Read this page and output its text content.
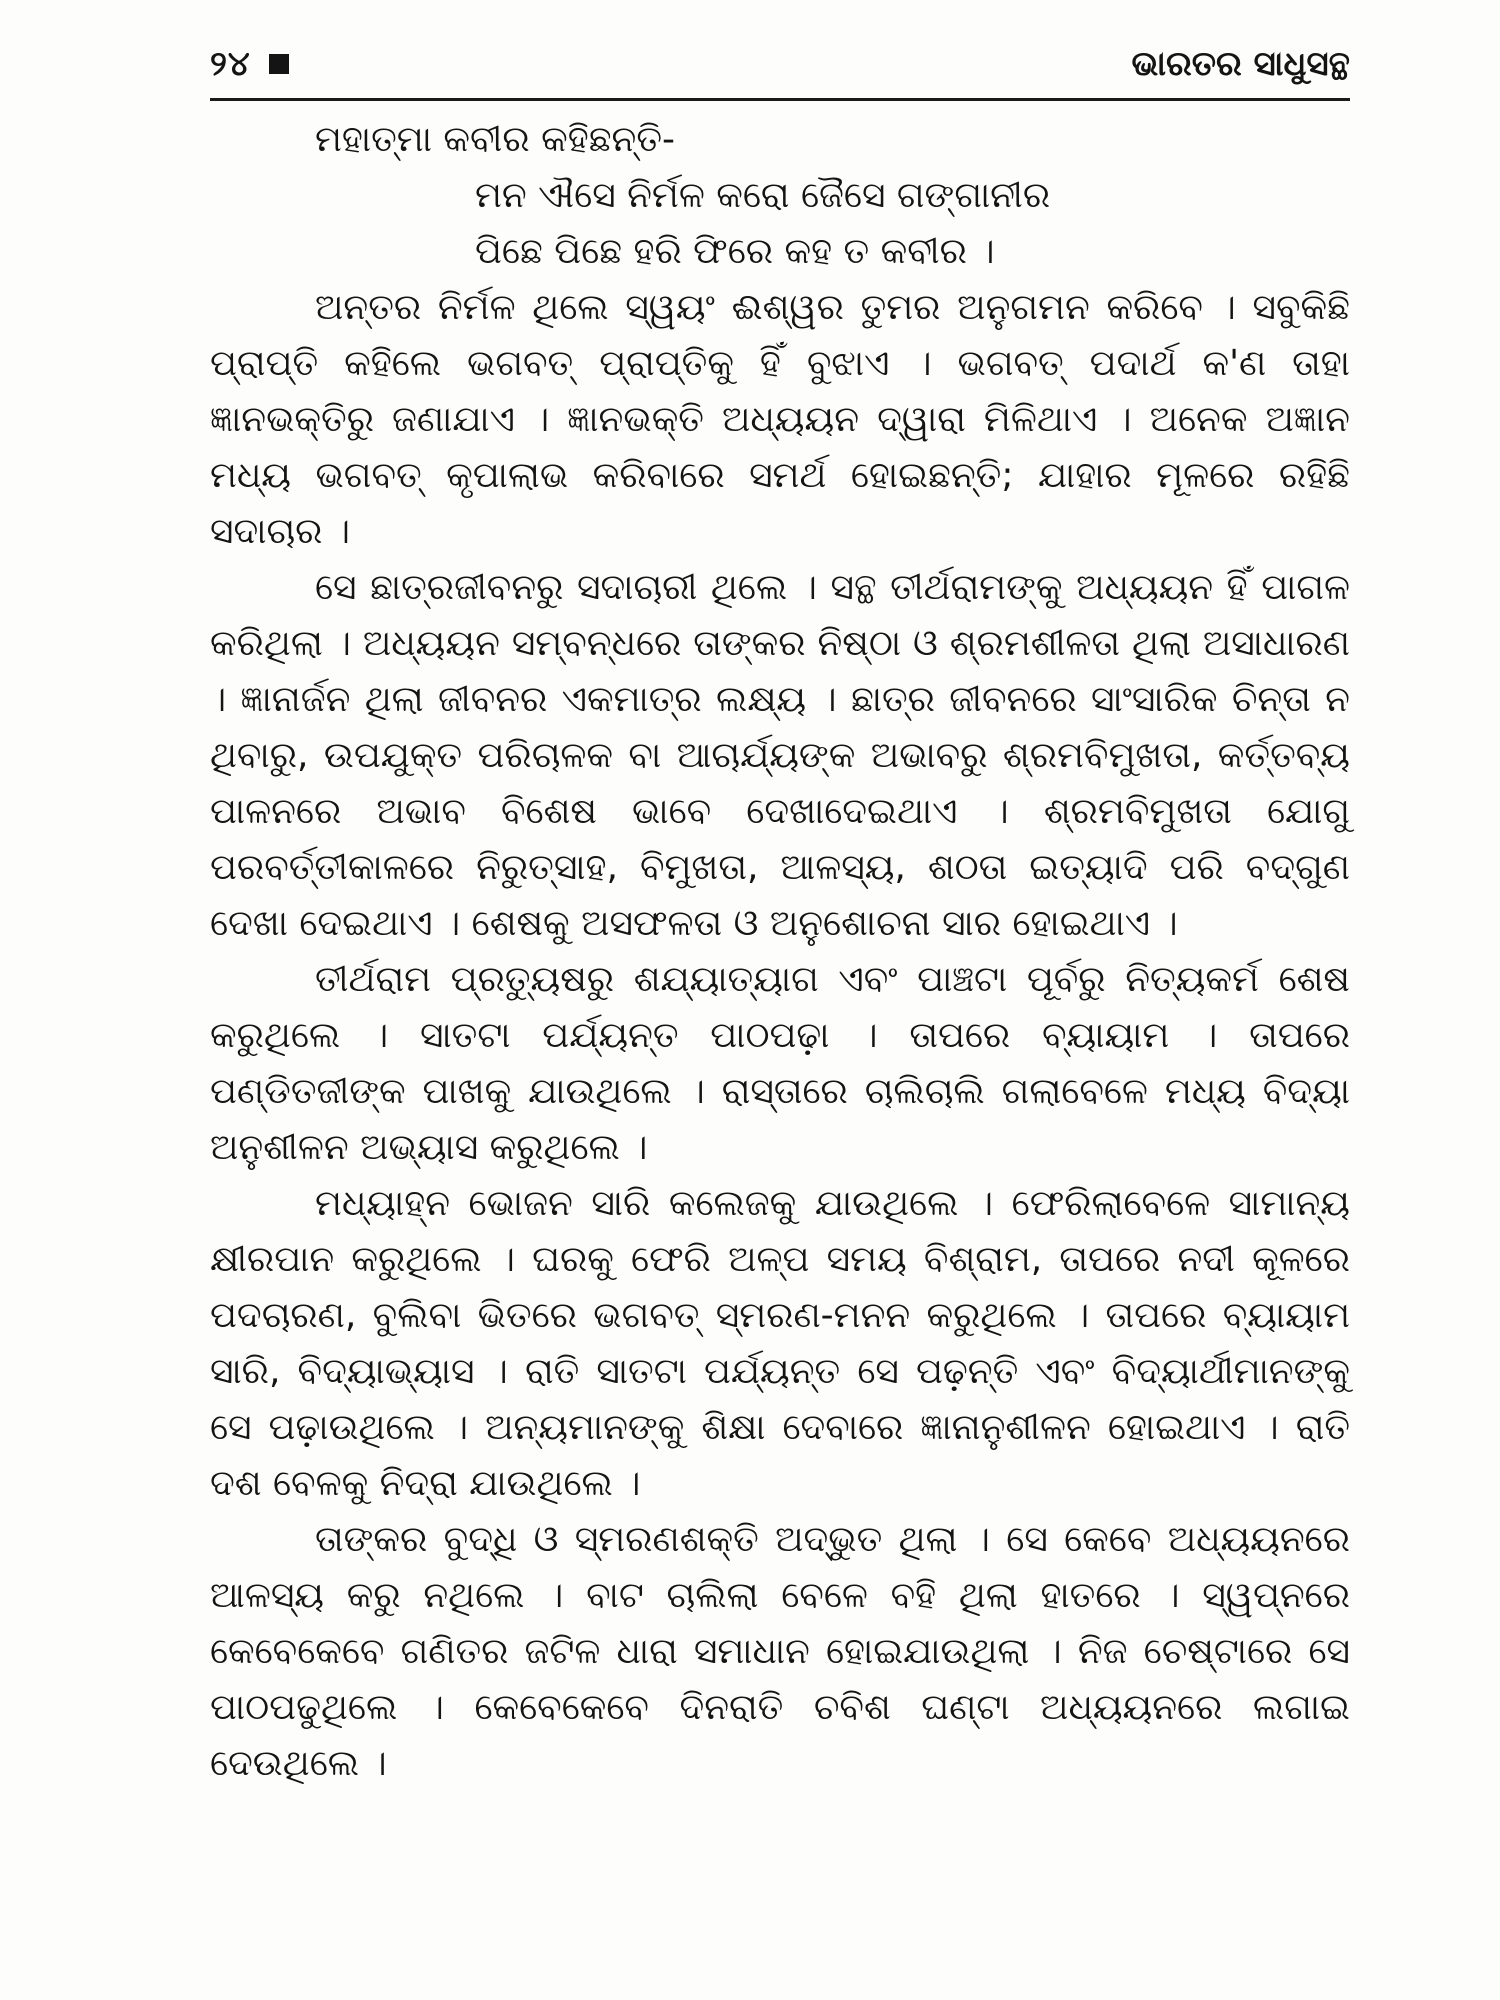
୨୪	ଭାରତର ସାଧୁସନ୍ଥ

ମହାତ୍ମା କବୀର କହିଛନ୍ତି-

ମନ ଐସେ ନିର୍ମଳ କରୋ ଜୈସେ ଗଙ୍ଗାନୀର

ପିଛେ ପିଛେ ହରି ଫିରେ କହ ତ କବୀର ।

ଅନ୍ତର ନିର୍ମଳ ଥିଲେ ସ୍ୱୟଂ ଈଶ୍ୱର ତୁମର ଅନୁଗମନ କରିବେ । ସବୁକିଛି ପ୍ରାପ୍ତି କହିଲେ ଭଗବତ୍ ପ୍ରାପ୍ତିକୁ ହିଁ ବୁଝାଏ । ଭଗବତ୍ ପଦାର୍ଥ କ'ଣ ତାହା ଜ୍ଞାନଭକ୍ତିରୁ ଜଣାଯାଏ । ଜ୍ଞାନଭକ୍ତି ଅଧ୍ୟୟନ ଦ୍ୱାରା ମିଳିଥାଏ । ଅନେକ ଅଜ୍ଞାନ ମଧ୍ୟ ଭଗବତ୍ କୃପାଲାଭ କରିବାରେ ସମର୍ଥ ହୋଇଛନ୍ତି; ଯାହାର ମୂଳରେ ରହିଛି ସଦାଚାର ।

ସେ ଛାତ୍ରଜୀବନରୁ ସଦାଚାରୀ ଥିଲେ । ସନ୍ଥ ତୀର୍ଥରାମଙ୍କୁ ଅଧ୍ୟୟନ ହିଁ ପାଗଳ କରିଥିଲା । ଅଧ୍ୟୟନ ସମ୍ବନ୍ଧରେ ତାଙ୍କର ନିଷ୍ଠା ଓ ଶ୍ରମଶୀଳତା ଥିଲା ଅସାଧାରଣ । ଜ୍ଞାନାର୍ଜନ ଥିଲା ଜୀବନର ଏକମାତ୍ର ଲକ୍ଷ୍ୟ । ଛାତ୍ର ଜୀବନରେ ସାଂସାରିକ ଚିନ୍ତା ନ ଥିବାରୁ, ଉପଯୁକ୍ତ ପରିଚାଳକ ବା ଆଚାର୍ଯ୍ୟଙ୍କ ଅଭାବରୁ ଶ୍ରମବିମୁଖତା, କର୍ତ୍ତବ୍ୟ ପାଳନରେ ଅଭାବ ବିଶେଷ ଭାବେ ଦେଖାଦେଇଥାଏ । ଶ୍ରମବିମୁଖତା ଯୋଗୁ ପରବର୍ତ୍ତୀକାଳରେ ନିରୁତ୍ସାହ, ବିମୁଖତା, ଆଳସ୍ୟ, ଶଠତା ଇତ୍ୟାଦି ପରି ବଦ୍‌ଗୁଣ ଦେଖା ଦେଇଥାଏ । ଶେଷକୁ ଅସଫଳତା ଓ ଅନୁଶୋଚନା ସାର ହୋଇଥାଏ ।

ତୀର୍ଥରାମ ପ୍ରତ୍ୟୁଷରୁ ଶଯ୍ୟାତ୍ୟାଗ ଏବଂ ପାଞ୍ଚଟା ପୂର୍ବରୁ ନିତ୍ୟକର୍ମ ଶେଷ କରୁଥିଲେ । ସାତଟା ପର୍ଯ୍ୟନ୍ତ ପାଠପଢ଼ା । ତାପରେ ବ୍ୟାୟାମ । ତାପରେ ପଣ୍ଡିତଜୀଙ୍କ ପାଖକୁ ଯାଉଥିଲେ । ରାସ୍ତାରେ ଚାଲିଚାଲି ଗଲାବେଳେ ମଧ୍ୟ ବିଦ୍ୟା ଅନୁଶୀଳନ ଅଭ୍ୟାସ କରୁଥିଲେ ।

ମଧ୍ୟାହ୍ନ ଭୋଜନ ସାରି କଲେଜକୁ ଯାଉଥିଲେ । ଫେରିଲାବେଳେ ସାମାନ୍ୟ କ୍ଷୀରପାନ କରୁଥିଲେ । ଘରକୁ ଫେରି ଅଳ୍ପ ସମୟ ବିଶ୍ରାମ, ତାପରେ ନଦୀ କୂଳରେ ପଦଚାରଣ, ବୁଲିବା ଭିତରେ ଭଗବତ୍ ସ୍ମରଣ-ମନନ କରୁଥିଲେ । ତାପରେ ବ୍ୟାୟାମ ସାରି, ବିଦ୍ୟାଭ୍ୟାସ । ରାତି ସାତଟା ପର୍ଯ୍ୟନ୍ତ ସେ ପଢ଼ନ୍ତି ଏବଂ ବିଦ୍ୟାର୍ଥୀମାନଙ୍କୁ ସେ ପଢ଼ାଉଥିଲେ । ଅନ୍ୟମାନଙ୍କୁ ଶିକ୍ଷା ଦେବାରେ ଜ୍ଞାନାନୁଶୀଳନ ହୋଇଥାଏ । ରାତି ଦଶ ବେଳକୁ ନିଦ୍ରା ଯାଉଥିଲେ ।

ତାଙ୍କର ବୁଦ୍ଧି ଓ ସ୍ମରଣଶକ୍ତି ଅଦ୍ଭୁତ ଥିଲା । ସେ କେବେ ଅଧ୍ୟୟନରେ ଆଳସ୍ୟ କରୁ ନଥିଲେ । ବାଟ ଚାଲିଲା ବେଳେ ବହି ଥିଲା ହାତରେ । ସ୍ୱପ୍ନରେ କେବେକେବେ ଗଣିତର ଜଟିଳ ଧାରା ସମାଧାନ ହୋଇଯାଉଥିଲା । ନିଜ ଚେଷ୍ଟାରେ ସେ ପାଠପଢୁଥିଲେ । କେବେକେବେ ଦିନରାତି ଚବିଶ ଘଣ୍ଟା ଅଧ୍ୟୟନରେ ଲଗାଇ ଦେଉଥିଲେ ।
